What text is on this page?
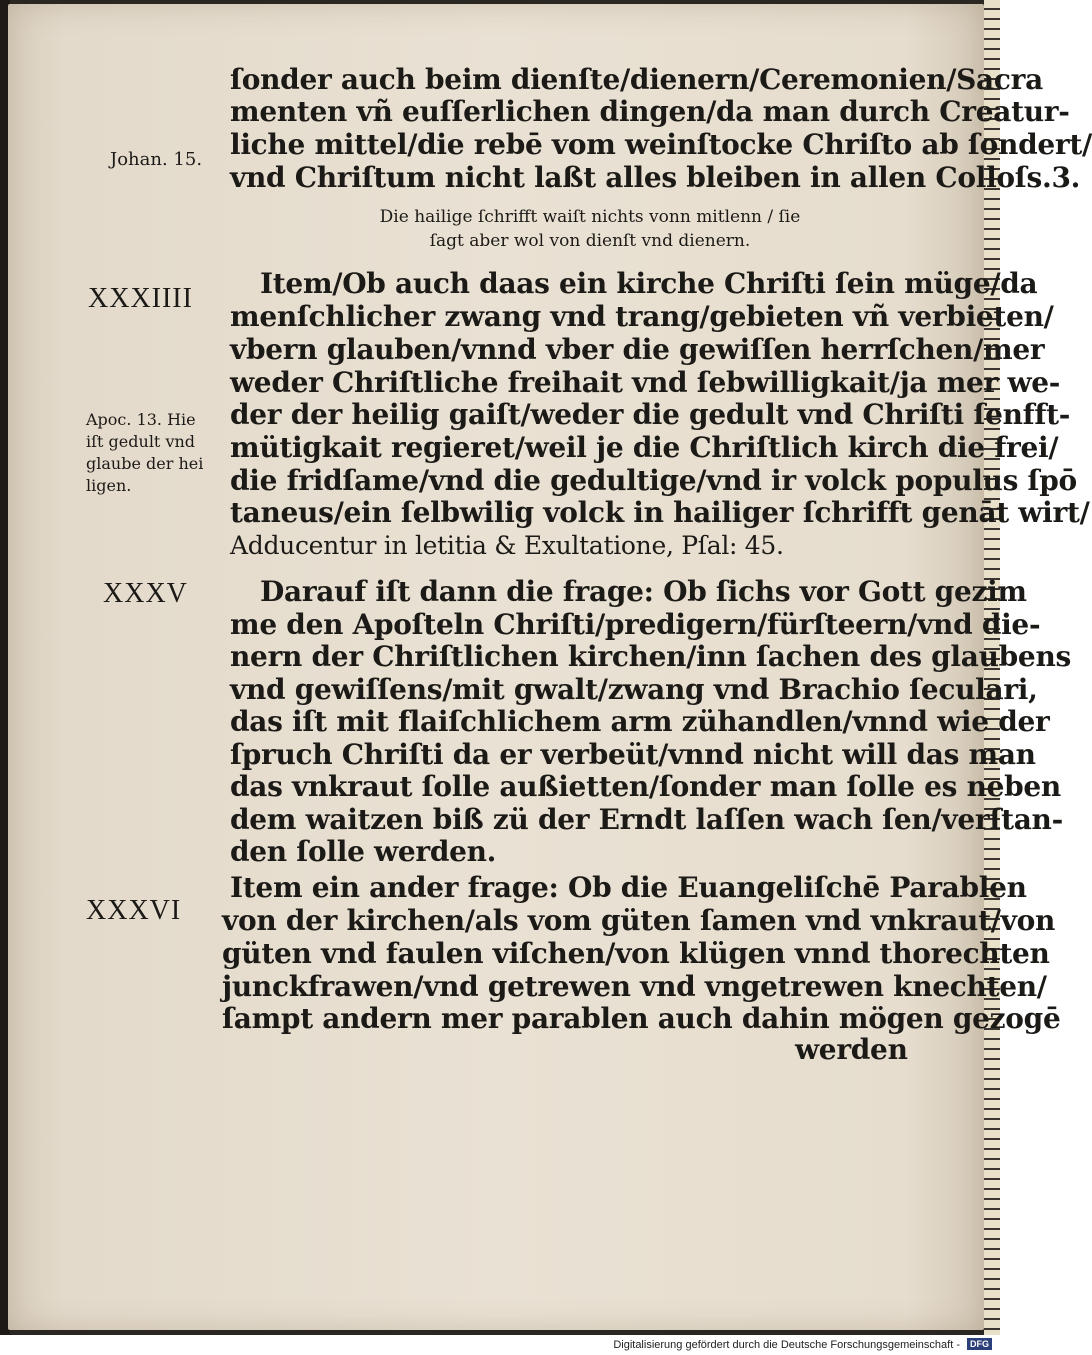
ſonder auch beim dienſte/dienern/Ceremonien/Sacra
menten vñ euſſerlichen dingen/da man durch Creatur-
liche mittel/die rebē vom weinſtocke Chriſto ab ſondert/
vnd Chriſtum nicht laßt alles bleiben in allen Colloſs.3.
Die hailige ſchrifft waiſt nichts vonn mitlenn / ſie
ſagt aber wol von dienſt vnd dienern.
Item/Ob auch daas ein kirche Chriſti ſein müge/da
menſchlicher zwang vnd trang/gebieten vñ verbieten/
vbern glauben/vnnd vber die gewiſſen herrſchen/mer
weder Chriſtliche freihait vnd ſebwilligkait/ja mer we-
der der heilig gaiſt/weder die gedult vnd Chriſti ſenfft-
mütigkait regieret/weil je die Chriſtlich kirch die frei/
die fridſame/vnd die gedultige/vnd ir volck populus ſpō
taneus/ein ſelbwilig volck in hailiger ſchrifft genāt wirt/
Adducentur in letitia & Exultatione, Pſal: 45.
Darauf iſt dann die frage: Ob ſichs vor Gott gezim
me den Apoſteln Chriſti/predigern/fürſteern/vnd die-
nern der Chriſtlichen kirchen/inn ſachen des glaubens
vnd gewiſſens/mit gwalt/zwang vnd Brachio ſeculari,
das iſt mit flaiſchlichem arm zühandlen/vnnd wie der
ſpruch Chriſti da er verbeüt/vnnd nicht will das man
das vnkraut ſolle außietten/ſonder man ſolle es neben
dem waitzen biß zü der Erndt laſſen wach ſen/verſtan-
den ſolle werden.
Item ein ander frage: Ob die Euangeliſchē Parablen
von der kirchen/als vom güten ſamen vnd vnkraut/von
güten vnd faulen viſchen/von klügen vnnd thorechten
junckfrawen/vnd getrewen vnd vngetrewen knechten/
ſampt andern mer parablen auch dahin mögen gezogē
werden
Johan. 15.
XXXIIII
Apoc. 13. Hie
iſt gedult vnd
glaube der hei
ligen.
XXXV
XXXVI
Digitalisierung gefördert durch die Deutsche Forschungsgemeinschaft -	DFG
